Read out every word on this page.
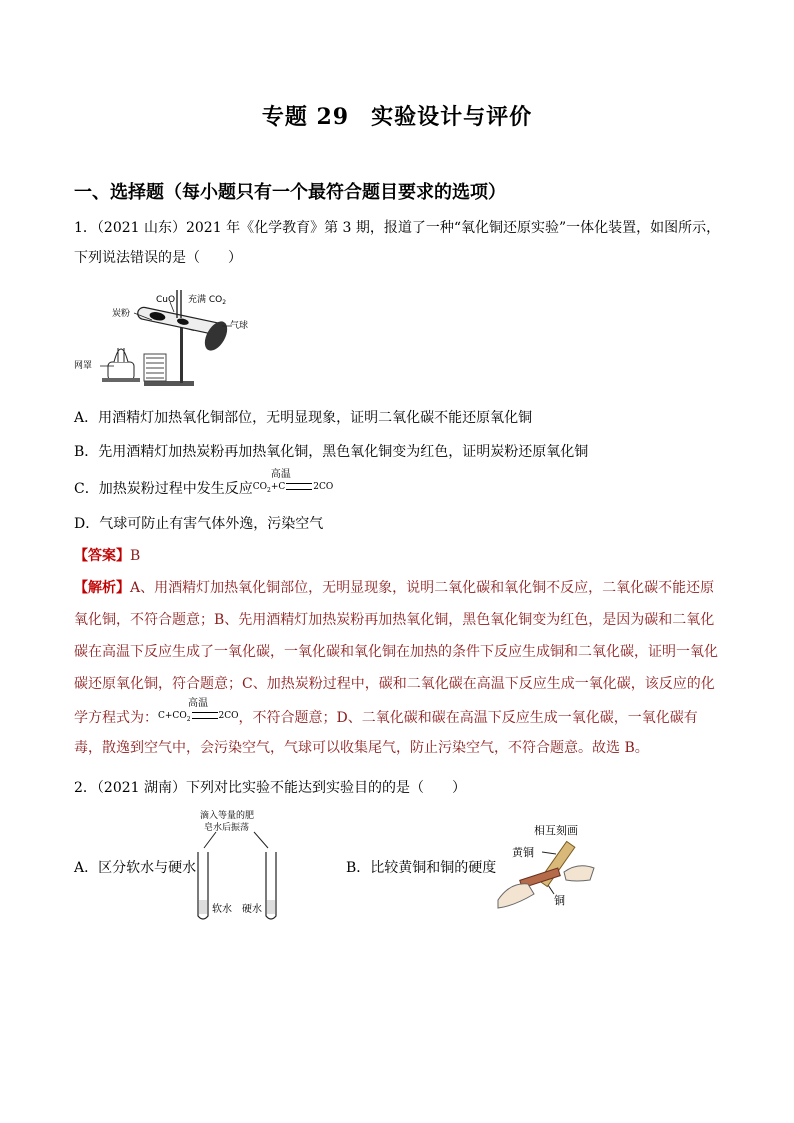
专题 29 实验设计与评价
一、选择题（每小题只有一个最符合题目要求的选项）
1．（2021 山东）2021 年《化学教育》第 3 期，报道了一种“氧化铜还原实验”一体化装置，如图所示，
下列说法错误的是（　　）
CuO 充满 $CO_2$
炭粉
气球
网罩
A．用酒精灯加热氧化铜部位，无明显现象，证明二氧化碳不能还原氧化铜
B．先用酒精灯加热炭粉再加热氧化铜，黑色氧化铜变为红色，证明炭粉还原氧化铜
C．加热炭粉过程中发生反应$CO_2+C$
高温
2CO
D．气球可防止有害气体外逸，污染空气
【答案】B
【解析】A、用酒精灯加热氧化铜部位，无明显现象，说明二氧化碳和氧化铜不反应，二氧化碳不能还原
氧化铜，不符合题意；B、先用酒精灯加热炭粉再加热氧化铜，黑色氧化铜变为红色，是因为碳和二氧化
碳在高温下反应生成了一氧化碳，一氧化碳和氧化铜在加热的条件下反应生成铜和二氧化碳，证明一氧化
碳还原氧化铜，符合题意；C、加热炭粉过程中，碳和二氧化碳在高温下反应生成一氧化碳，该反应的化
学方程式为：$C+CO_2$
高温
2CO，不符合题意；D、二氧化碳和碳在高温下反应生成一氧化碳，一氧化碳有
毒，散逸到空气中，会污染空气，气球可以收集尾气，防止污染空气，不符合题意。故选 B。
2．（2021 湖南）下列对比实验不能达到实验目的的是（　　）
A．区分软水与硬水
滴入等量的肥
皂水后振荡
软水 硬水
B．比较黄铜和铜的硬度
相互刻画
黄铜
铜
